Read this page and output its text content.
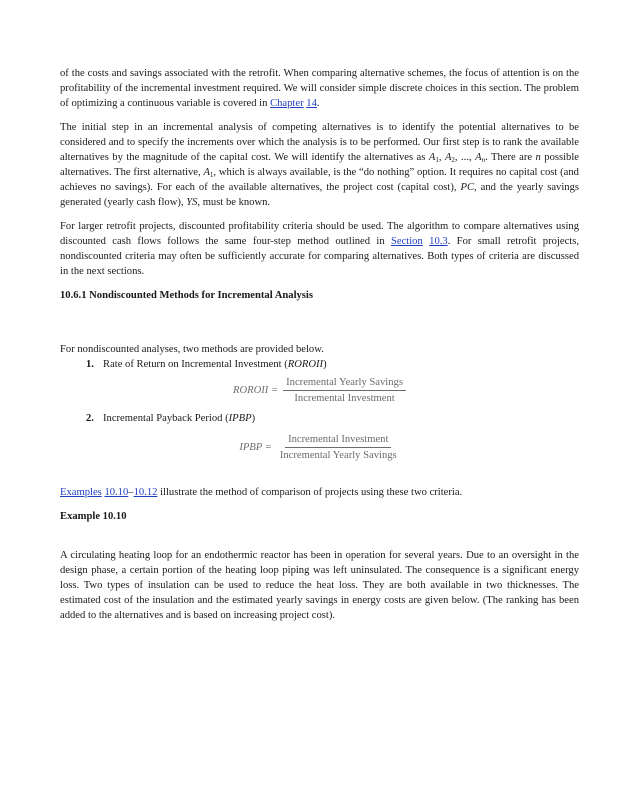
of the costs and savings associated with the retrofit. When comparing alternative schemes, the focus of attention is on the profitability of the incremental investment required. We will consider simple discrete choices in this section. The problem of optimizing a continuous variable is covered in Chapter 14.

The initial step in an incremental analysis of competing alternatives is to identify the potential alternatives to be considered and to specify the increments over which the analysis is to be performed. Our first step is to rank the available alternatives by the magnitude of the capital cost. We will identify the alternatives as $A_1$, $A_2$, ..., $A_n$. There are n possible alternatives. The first alternative, $A_1$, which is always available, is the “do nothing” option. It requires no capital cost (and achieves no savings). For each of the available alternatives, the project cost (capital cost), PC, and the yearly savings generated (yearly cash flow), YS, must be known.

For larger retrofit projects, discounted profitability criteria should be used. The algorithm to compare alternatives using discounted cash flows follows the same four-step method outlined in Section 10.3. For small retrofit projects, nondiscounted criteria may often be sufficiently accurate for comparing alternatives. Both types of criteria are discussed in the next sections.

10.6.1 Nondiscounted Methods for Incremental Analysis

For nondiscounted analyses, two methods are provided below.

1. Rate of Return on Incremental Investment (ROROII)
ROROII = $\frac{\text{Incremental Yearly Savings}}{\text{Incremental Investment}}$
2. Incremental Payback Period (IPBP)
IPBP = $\frac{\text{Incremental Investment}}{\text{Incremental Yearly Savings}}$

Examples 10.10–10.12 illustrate the method of comparison of projects using these two criteria.

Example 10.10

A circulating heating loop for an endothermic reactor has been in operation for several years. Due to an oversight in the design phase, a certain portion of the heating loop piping was left uninsulated. The consequence is a significant energy loss. Two types of insulation can be used to reduce the heat loss. They are both available in two thicknesses. The estimated cost of the insulation and the estimated yearly savings in energy costs are given below. (The ranking has been added to the alternatives and is based on increasing project cost).
